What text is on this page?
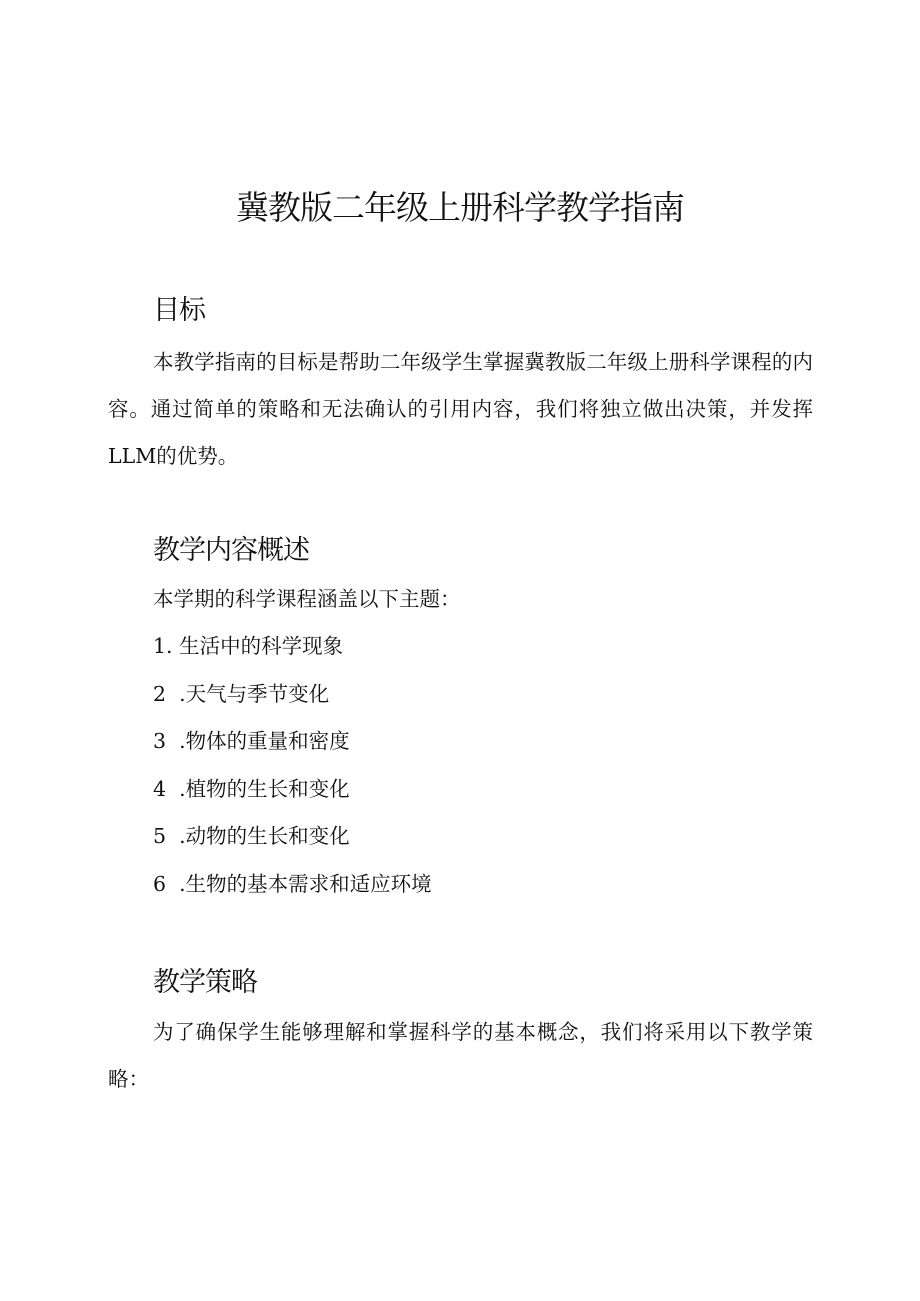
冀教版二年级上册科学教学指南
目标

本教学指南的目标是帮助二年级学生掌握冀教版二年级上册科学课程的内容。通过简单的策略和无法确认的引用内容，我们将独立做出决策，并发挥LLM的优势。

教学内容概述

本学期的科学课程涵盖以下主题：

1. 生活中的科学现象

2  .天气与季节变化

3  .物体的重量和密度

4  .植物的生长和变化

5  .动物的生长和变化

6  .生物的基本需求和适应环境

教学策略

为了确保学生能够理解和掌握科学的基本概念，我们将采用以下教学策略：
